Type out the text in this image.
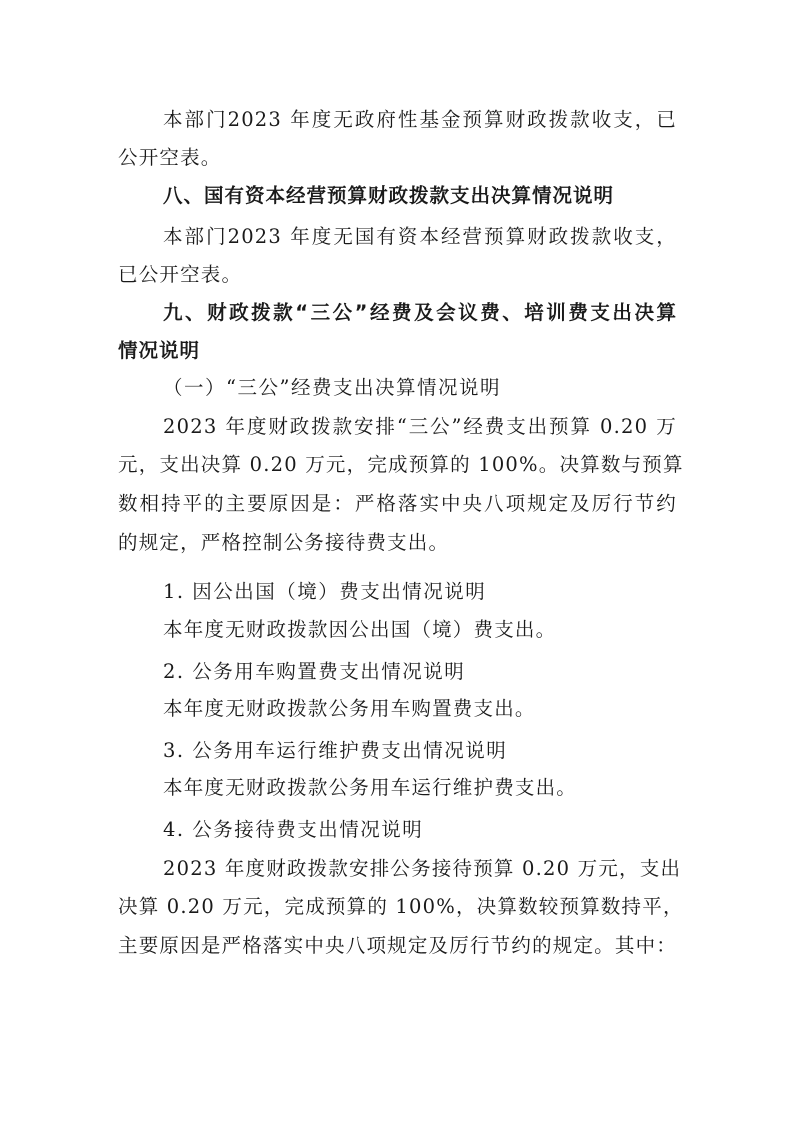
本部门2023 年度无政府性基金预算财政拨款收支，已
公开空表。
八、国有资本经营预算财政拨款支出决算情况说明
本部门2023 年度无国有资本经营预算财政拨款收支，
已公开空表。
九、财政拨款“三公”经费及会议费、培训费支出决算
情况说明
（一）“三公”经费支出决算情况说明
2023 年度财政拨款安排“三公”经费支出预算 0.20 万
元，支出决算 0.20 万元，完成预算的 100%。决算数与预算
数相持平的主要原因是：严格落实中央八项规定及厉行节约
的规定，严格控制公务接待费支出。
1. 因公出国（境）费支出情况说明
本年度无财政拨款因公出国（境）费支出。
2. 公务用车购置费支出情况说明
本年度无财政拨款公务用车购置费支出。
3. 公务用车运行维护费支出情况说明
本年度无财政拨款公务用车运行维护费支出。
4. 公务接待费支出情况说明
2023 年度财政拨款安排公务接待预算 0.20 万元，支出
决算 0.20 万元，完成预算的 100%，决算数较预算数持平，
主要原因是严格落实中央八项规定及厉行节约的规定。其中：
